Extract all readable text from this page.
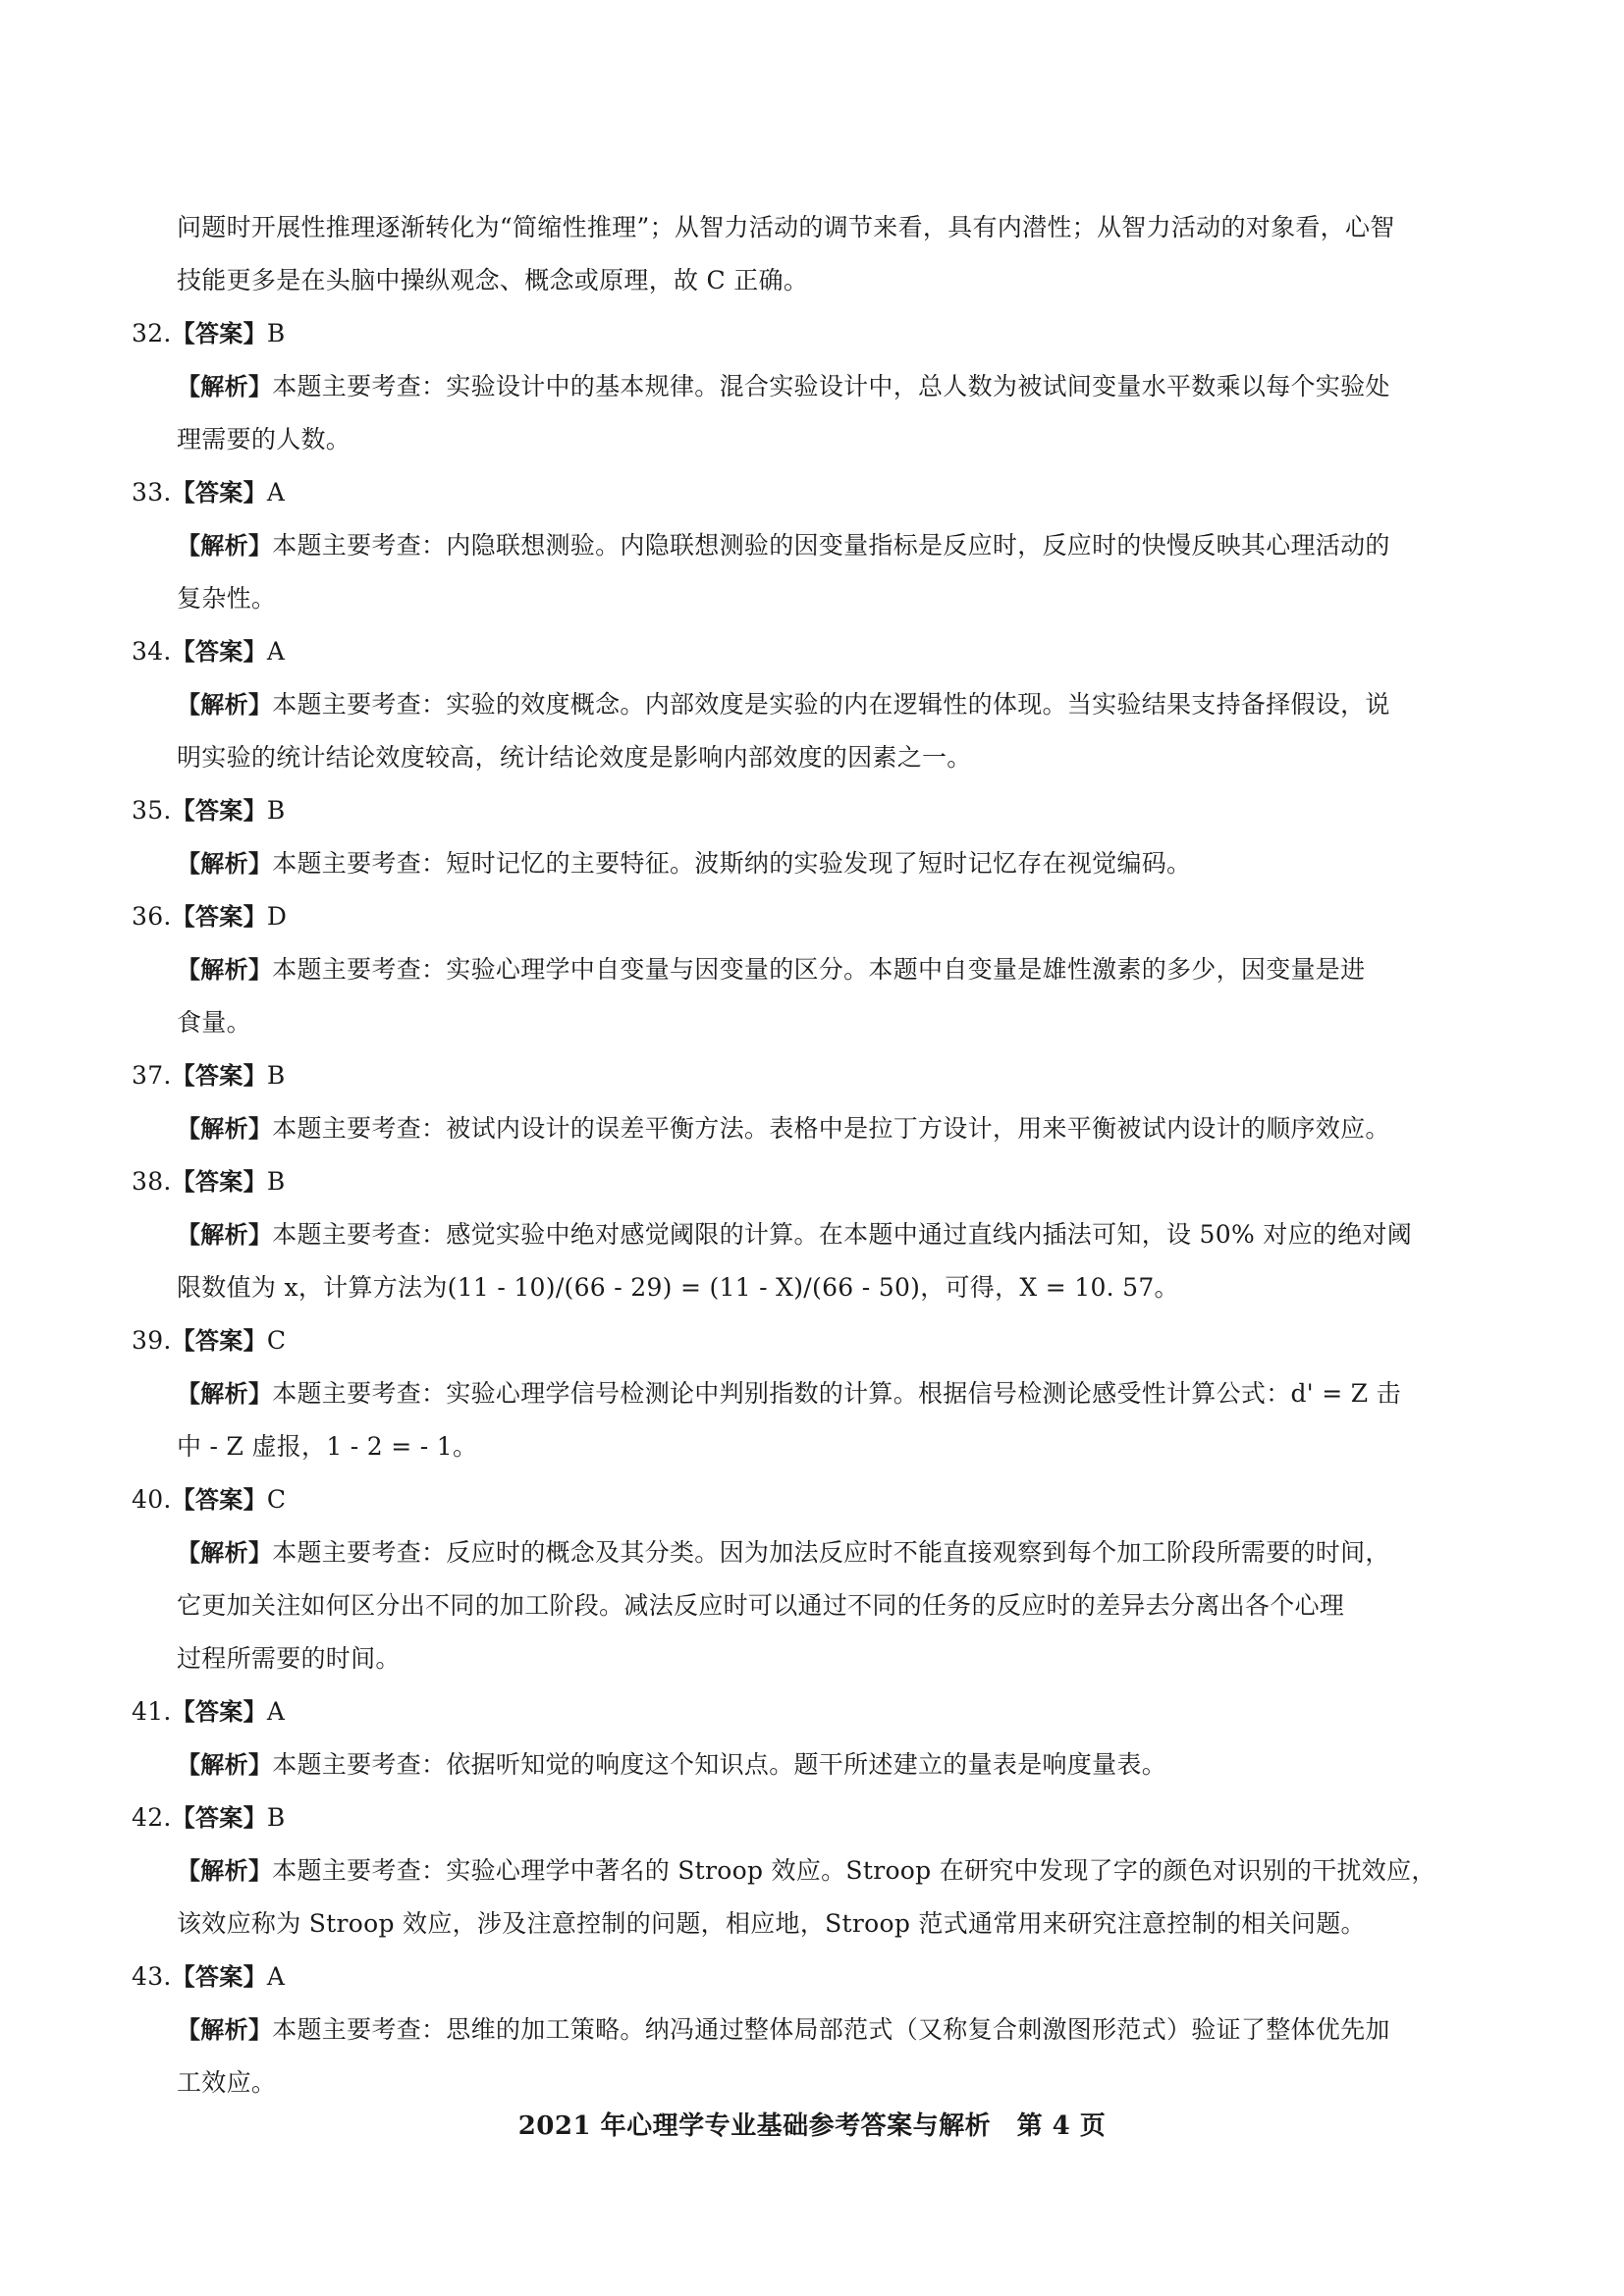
问题时开展性推理逐渐转化为“简缩性推理”；从智力活动的调节来看，具有内潜性；从智力活动的对象看，心智
技能更多是在头脑中操纵观念、概念或原理，故 C 正确。
32.【答案】B
【解析】本题主要考查：实验设计中的基本规律。混合实验设计中，总人数为被试间变量水平数乘以每个实验处
理需要的人数。
33.【答案】A
【解析】本题主要考查：内隐联想测验。内隐联想测验的因变量指标是反应时，反应时的快慢反映其心理活动的
复杂性。
34.【答案】A
【解析】本题主要考查：实验的效度概念。内部效度是实验的内在逻辑性的体现。当实验结果支持备择假设，说
明实验的统计结论效度较高，统计结论效度是影响内部效度的因素之一。
35.【答案】B
【解析】本题主要考查：短时记忆的主要特征。波斯纳的实验发现了短时记忆存在视觉编码。
36.【答案】D
【解析】本题主要考查：实验心理学中自变量与因变量的区分。本题中自变量是雄性激素的多少，因变量是进
食量。
37.【答案】B
【解析】本题主要考查：被试内设计的误差平衡方法。表格中是拉丁方设计，用来平衡被试内设计的顺序效应。
38.【答案】B
【解析】本题主要考查：感觉实验中绝对感觉阈限的计算。在本题中通过直线内插法可知，设 50% 对应的绝对阈
限数值为 x，计算方法为(11 - 10)/(66 - 29) = (11 - X)/(66 - 50)，可得，X = 10. 57。
39.【答案】C
【解析】本题主要考查：实验心理学信号检测论中判别指数的计算。根据信号检测论感受性计算公式：d' = Z 击
中 - Z 虚报，1 - 2 = - 1。
40.【答案】C
【解析】本题主要考查：反应时的概念及其分类。因为加法反应时不能直接观察到每个加工阶段所需要的时间，
它更加关注如何区分出不同的加工阶段。减法反应时可以通过不同的任务的反应时的差异去分离出各个心理
过程所需要的时间。
41.【答案】A
【解析】本题主要考查：依据听知觉的响度这个知识点。题干所述建立的量表是响度量表。
42.【答案】B
【解析】本题主要考查：实验心理学中著名的 Stroop 效应。Stroop 在研究中发现了字的颜色对识别的干扰效应，
该效应称为 Stroop 效应，涉及注意控制的问题，相应地，Stroop 范式通常用来研究注意控制的相关问题。
43.【答案】A
【解析】本题主要考查：思维的加工策略。纳冯通过整体局部范式（又称复合刺激图形范式）验证了整体优先加
工效应。
2021 年心理学专业基础参考答案与解析　第 4 页
